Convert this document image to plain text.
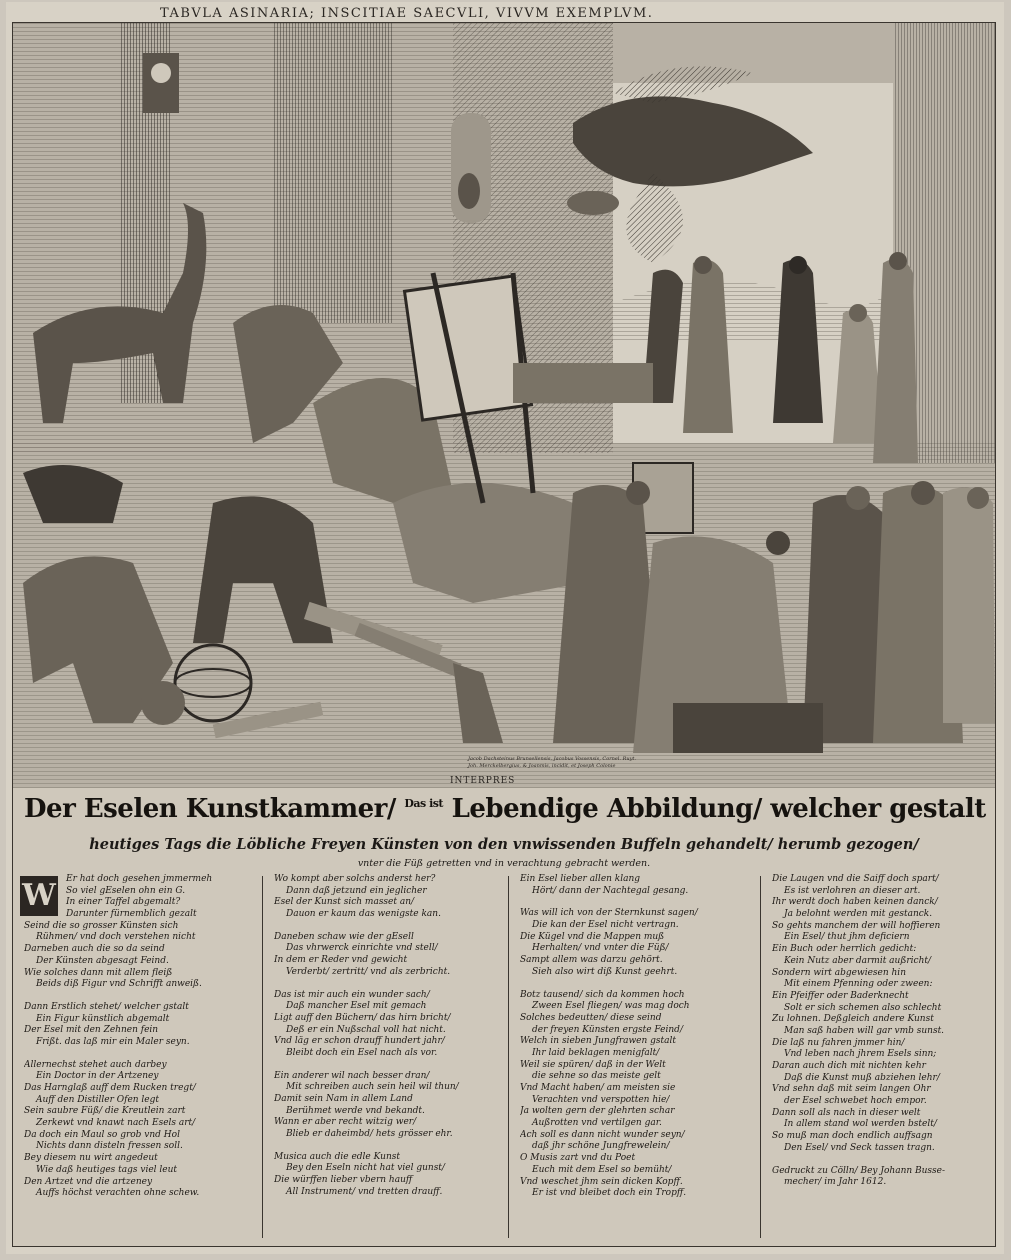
TABVLA ASINARIA; INSCITIAE SAECVLI, VIVVM EXEMPLVM.
Jacob Dachsteinus Brunsellensis, Jacobus Vossensis, Cornel. Ruyt.
Joh. Merckelbergius, & Joanmis, incidit, et Joseph Colonie
INTERPRES
Der Eselen Kunstkammer/ $^{Das ist}$ Lebendige Abbildung/ welcher gestalt
heutiges Tags die Löbliche Freyen Künsten von den vnwissenden Buffeln gehandelt/ herumb gezogen/
vnter die Füß getretten vnd in verachtung gebracht werden.
W	Er hat doch gesehen jmmermeh
So viel gEselen ohn ein G.
In einer Taffel abgemalt?
Darunter fürnemblich gezalt
Seind die so grosser Künsten sich
Rühmen/ vnd doch verstehen nicht
Darneben auch die so da seind
Der Künsten abgesagt Feind.
Wie solches dann mit allem fleiß
Beids diß Figur vnd Schrifft anweiß.
Dann Erstlich stehet/ welcher gstalt
Ein Figur künstlich abgemalt
Der Esel mit den Zehnen fein
Frißt. das laß mir ein Maler seyn.
Allernechst stehet auch darbey
Ein Doctor in der Artzeney
Das Harnglaß auff dem Rucken tregt/
Auff den Distiller Ofen legt
Sein saubre Füß/ die Kreutlein zart
Zerkewt vnd knawt nach Esels art/
Da doch ein Maul so grob vnd Hol
Nichts dann disteln fressen soll.
Bey diesem nu wirt angedeut
Wie daß heutiges tags viel leut
Den Artzet vnd die artzeney
Auffs höchst verachten ohne schew.
Wo kompt aber solchs anderst her?
Dann daß jetzund ein jeglicher
Esel der Kunst sich masset an/
Dauon er kaum das wenigste kan.
Daneben schaw wie der gEsell
Das vhrwerck einrichte vnd stell/
In dem er Reder vnd gewicht
Verderbt/ zertritt/ vnd als zerbricht.
Das ist mir auch ein wunder sach/
Daß mancher Esel mit gemach
Ligt auff den Büchern/ das hirn bricht/
Deß er ein Nußschal voll hat nicht.
Vnd läg er schon drauff hundert jahr/
Bleibt doch ein Esel nach als vor.
Ein anderer wil nach besser dran/
Mit schreiben auch sein heil wil thun/
Damit sein Nam in allem Land
Berühmet werde vnd bekandt.
Wann er aber recht witzig wer/
Blieb er daheimbd/ hets grösser ehr.
Musica auch die edle Kunst
Bey den Eseln nicht hat viel gunst/
Die würffen lieber vbern hauff
All Instrument/ vnd tretten drauff.
Ein Esel lieber allen klang
Hört/ dann der Nachtegal gesang.
Was will ich von der Sternkunst sagen/
Die kan der Esel nicht vertragn.
Die Kügel vnd die Mappen muß
Herhalten/ vnd vnter die Füß/
Sampt allem was darzu gehört.
Sieh also wirt diß Kunst geehrt.
Botz tausend/ sich da kommen hoch
Zween Esel fliegen/ was mag doch
Solches bedeutten/ diese seind
der freyen Künsten ergste Feind/
Welch in sieben Jungfrawen gstalt
Ihr laid beklagen menigfalt/
Weil sie spüren/ daß in der Welt
die sehne so das meiste gelt
Vnd Macht haben/ am meisten sie
Verachten vnd verspotten hie/
Ja wolten gern der glehrten schar
Außrotten vnd vertilgen gar.
Ach soll es dann nicht wunder seyn/
daß jhr schöne Jungfrewelein/
O Musis zart vnd du Poet
Euch mit dem Esel so bemüht/
Vnd weschet jhm sein dicken Kopff.
Er ist vnd bleibet doch ein Tropff.
Die Laugen vnd die Saiff doch spart/
Es ist verlohren an dieser art.
Ihr werdt doch haben keinen danck/
Ja belohnt werden mit gestanck.
So gehts manchem der will hoffieren
Ein Esel/ thut jhm deficiern
Ein Buch oder herrlich gedicht:
Kein Nutz aber darmit außricht/
Sondern wirt abgewiesen hin
Mit einem Pfenning oder zween:
Ein Pfeiffer oder Baderknecht
Solt er sich schemen also schlecht
Zu lohnen. Deßgleich andere Kunst
Man saß haben will gar vmb sunst.
Die laß nu fahren jmmer hin/
Vnd leben nach jhrem Esels sinn;
Daran auch dich mit nichten kehr
Daß die Kunst muß abziehen lehr/
Vnd sehn daß mit seim langen Ohr
der Esel schwebet hoch empor.
Dann soll als nach in dieser welt
In allem stand wol werden bstelt/
So muß man doch endlich auffsagn
Den Esel/ vnd Seck tassen tragn.
Gedruckt zu Cölln/ Bey Johann Busse-
mecher/ im Jahr 1612.
